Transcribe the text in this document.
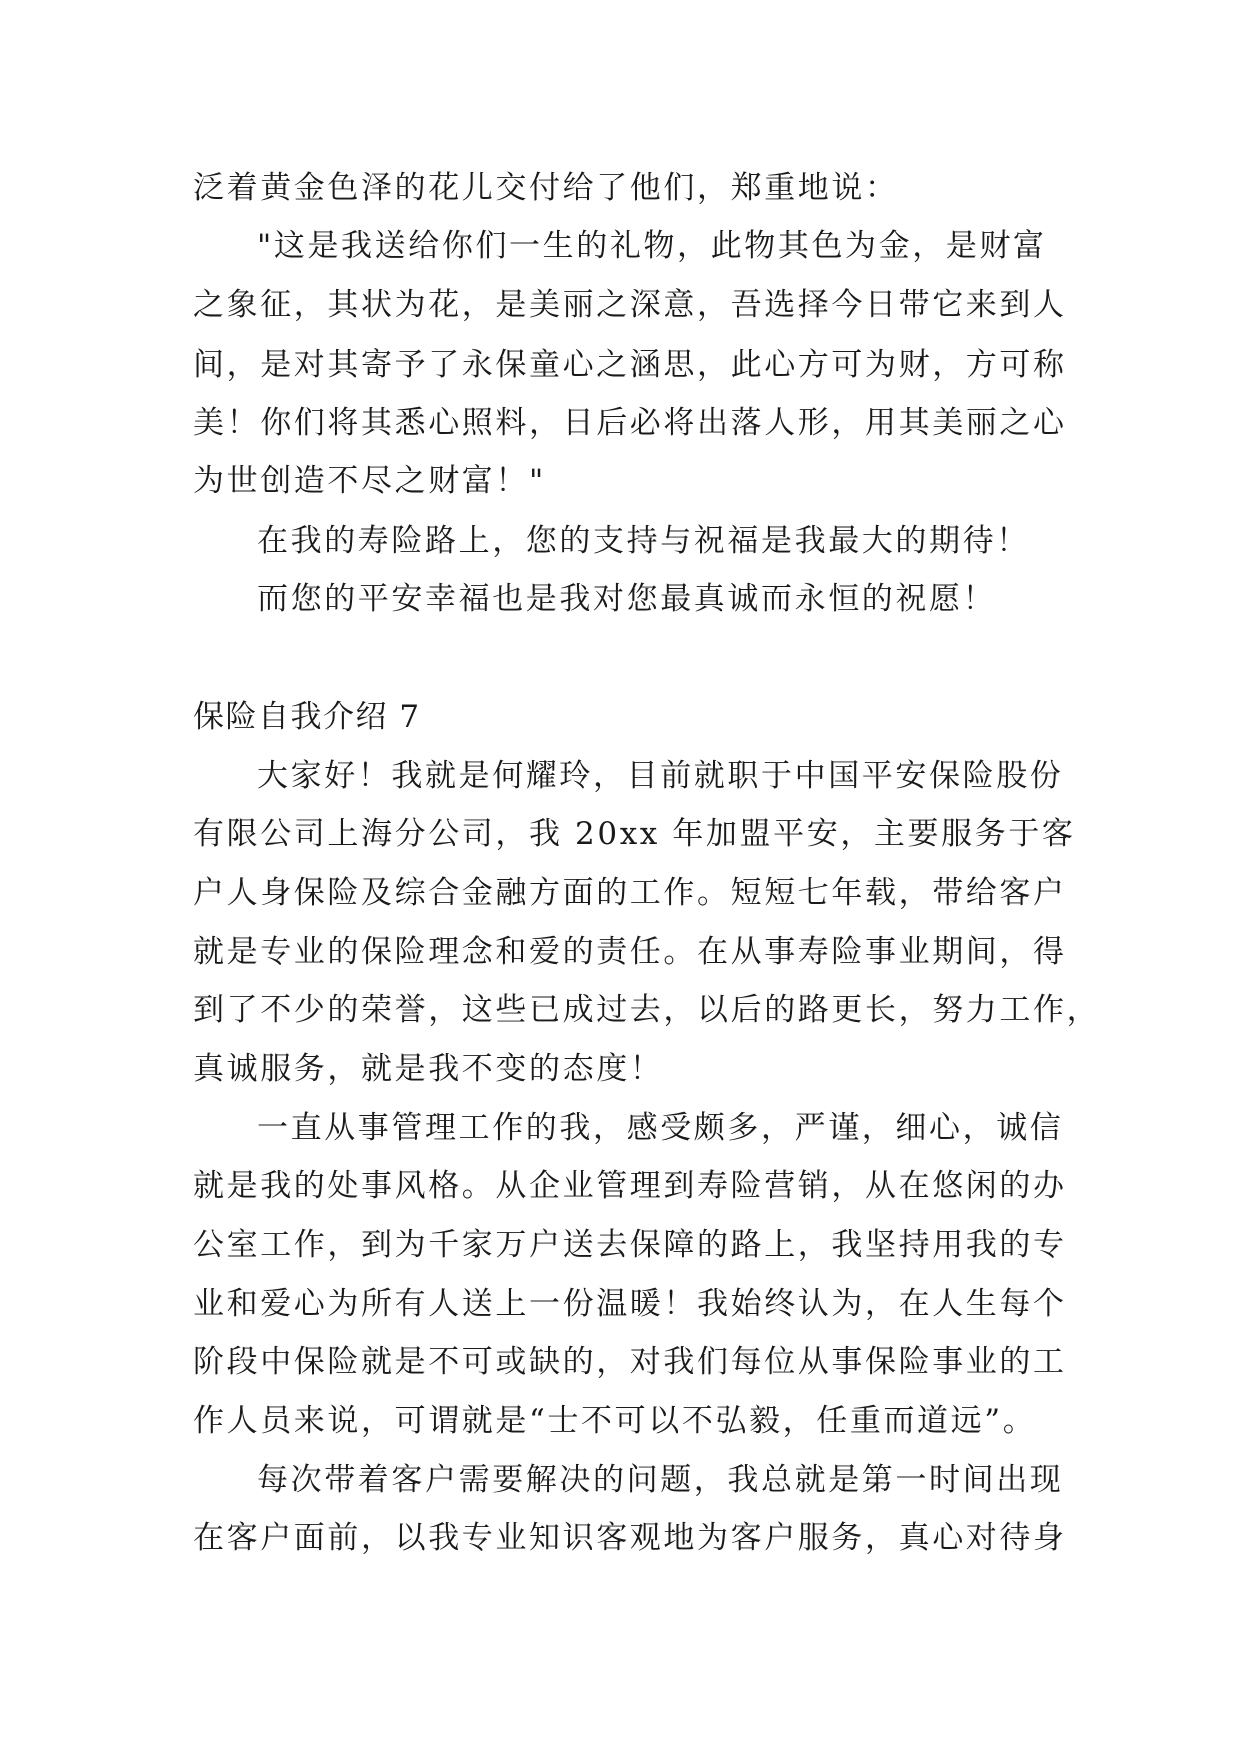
泛着黄金色泽的花儿交付给了他们，郑重地说：
"这是我送给你们一生的礼物，此物其色为金，是财富
之象征，其状为花，是美丽之深意，吾选择今日带它来到人
间，是对其寄予了永保童心之涵思，此心方可为财，方可称
美！你们将其悉心照料，日后必将出落人形，用其美丽之心
为世创造不尽之财富！"
在我的寿险路上，您的支持与祝福是我最大的期待！
而您的平安幸福也是我对您最真诚而永恒的祝愿！
保险自我介绍 7
大家好！我就是何耀玲，目前就职于中国平安保险股份
有限公司上海分公司，我 20xx 年加盟平安，主要服务于客
户人身保险及综合金融方面的工作。短短七年载，带给客户
就是专业的保险理念和爱的责任。在从事寿险事业期间，得
到了不少的荣誉，这些已成过去，以后的路更长，努力工作，
真诚服务，就是我不变的态度！
一直从事管理工作的我，感受颇多，严谨，细心，诚信
就是我的处事风格。从企业管理到寿险营销，从在悠闲的办
公室工作，到为千家万户送去保障的路上，我坚持用我的专
业和爱心为所有人送上一份温暖！我始终认为，在人生每个
阶段中保险就是不可或缺的，对我们每位从事保险事业的工
作人员来说，可谓就是“士不可以不弘毅，任重而道远”。
每次带着客户需要解决的问题，我总就是第一时间出现
在客户面前，以我专业知识客观地为客户服务，真心对待身
